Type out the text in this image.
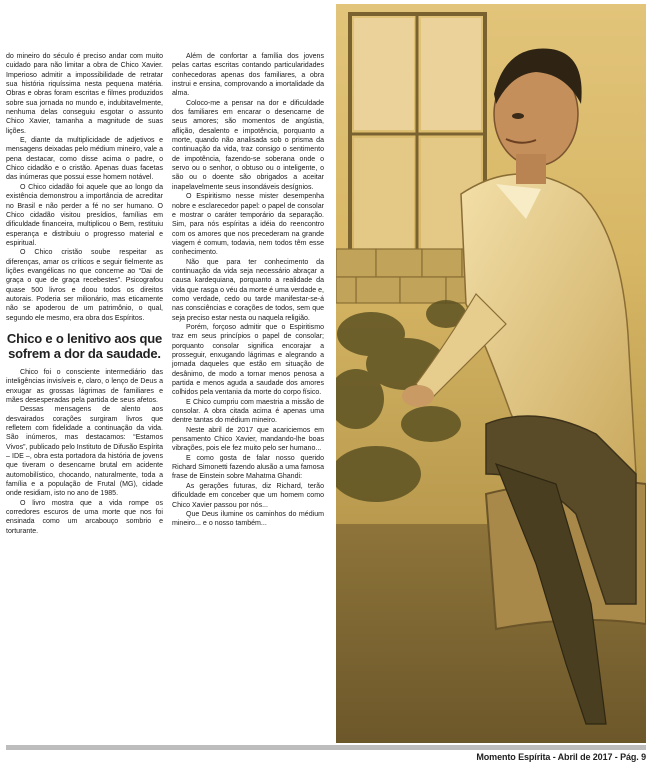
do mineiro do século é preciso andar com muito cuidado para não limitar a obra de Chico Xavier. Imperioso admitir a impossibilidade de retratar sua história riquíssima nesta pequena matéria. Obras e obras foram escritas e filmes produzidos sobre sua jornada no mundo e, indubitavelmente, nenhuma delas conseguiu esgotar o assunto Chico Xavier, tamanha a magnitude de suas lições.

E, diante da multiplicidade de adjetivos e mensagens deixadas pelo médium mineiro, vale a pena destacar, como disse acima o padre, o Chico cidadão e o cristão. Apenas duas facetas das inúmeras que possui esse homem notável.

O Chico cidadão foi aquele que ao longo da existência demonstrou a importância de acreditar no Brasil e não perder a fé no ser humano. O Chico cidadão visitou presídios, famílias em dificuldade financeira, multiplicou o Bem, restituiu esperança e distribuiu o progresso material e espiritual.

O Chico cristão soube respeitar as diferenças, amar os críticos e seguir fielmente as lições evangélicas no que concerne ao “Dai de graça o que de graça recebestes”. Psicografou quase 500 livros e doou todos os direitos autorais. Poderia ser milionário, mas eticamente não se apoderou de um patrimônio, o qual, segundo ele mesmo, era obra dos Espíritos.

Chico e o lenitivo aos que sofrem a dor da saudade.

Chico foi o consciente intermediário das inteligências invisíveis e, claro, o lenço de Deus a enxugar as grossas lágrimas de familiares e mães desesperadas pela partida de seus afetos.

Dessas mensagens de alento aos desvairados corações surgiram livros que refletem com fidelidade a continuação da vida. São inúmeros, mas destacamos: “Estamos Vivos”, publicado pelo Instituto de Difusão Espírita – IDE –, obra esta portadora da história de jovens que tiveram o desencarne brutal em acidente automobilístico, chocando, naturalmente, toda a família e a população de Frutal (MG), cidade onde residiam, isto no ano de 1985.

O livro mostra que a vida rompe os corredores escuros de uma morte que nos foi ensinada como um arcabouço sombrio e torturante.

Além de confortar a família dos jovens pelas cartas escritas contando particularidades conhecedoras apenas dos familiares, a obra instrui e ensina, comprovando a imortalidade da alma.

Coloco-me a pensar na dor e dificuldade dos familiares em encarar o desencarne de seus amores; são momentos de angústia, aflição, desalento e impotência, porquanto a morte, quando não analisada sob o prisma da continuação da vida, traz consigo o sentimento de impotência, fazendo-se soberana onde o servo ou o senhor, o obtuso ou o inteligente, o são ou o doente são obrigados a aceitar inapelavelmente seus insondáveis desígnios.

O Espiritismo nesse mister desempenha nobre e esclarecedor papel: o papel de consolar e mostrar o caráter temporário da separação. Sim, para nós espíritas a idéia do reencontro com os amores que nos precederam na grande viagem é comum, todavia, nem todos têm esse conhecimento.

Não que para ter conhecimento da continuação da vida seja necessário abraçar a causa kardequiana, porquanto a realidade da vida que rasga o véu da morte é uma verdade e, como verdade, cedo ou tarde manifestar-se-á nas consciências e corações de todos, sem que seja preciso estar nesta ou naquela religião.

Porém, forçoso admitir que o Espiritismo traz em seus princípios o papel de consolar; porquanto consolar significa encorajar a prosseguir, enxugando lágrimas e alegrando a jornada daqueles que estão em situação de desânimo, de modo a tornar menos penosa a partida e menos aguda a saudade dos amores colhidos pela ventania da morte do corpo físico.

E Chico cumpriu com maestria a missão de consolar. A obra citada acima é apenas uma dentre tantas do médium mineiro.

Neste abril de 2017 que acariciemos em pensamento Chico Xavier, mandando-lhe boas vibrações, pois ele fez muito pelo ser humano...

E como gosta de falar nosso querido Richard Simonetti fazendo alusão a uma famosa frase de Einstein sobre Mahatma Ghandi:

As gerações futuras, diz Richard, terão dificuldade em conceber que um homem como Chico Xavier passou por nós...

Que Deus ilumine os caminhos do médium mineiro... e o nosso também...

Momento Espírita - Abril de 2017 - Pág. 9
